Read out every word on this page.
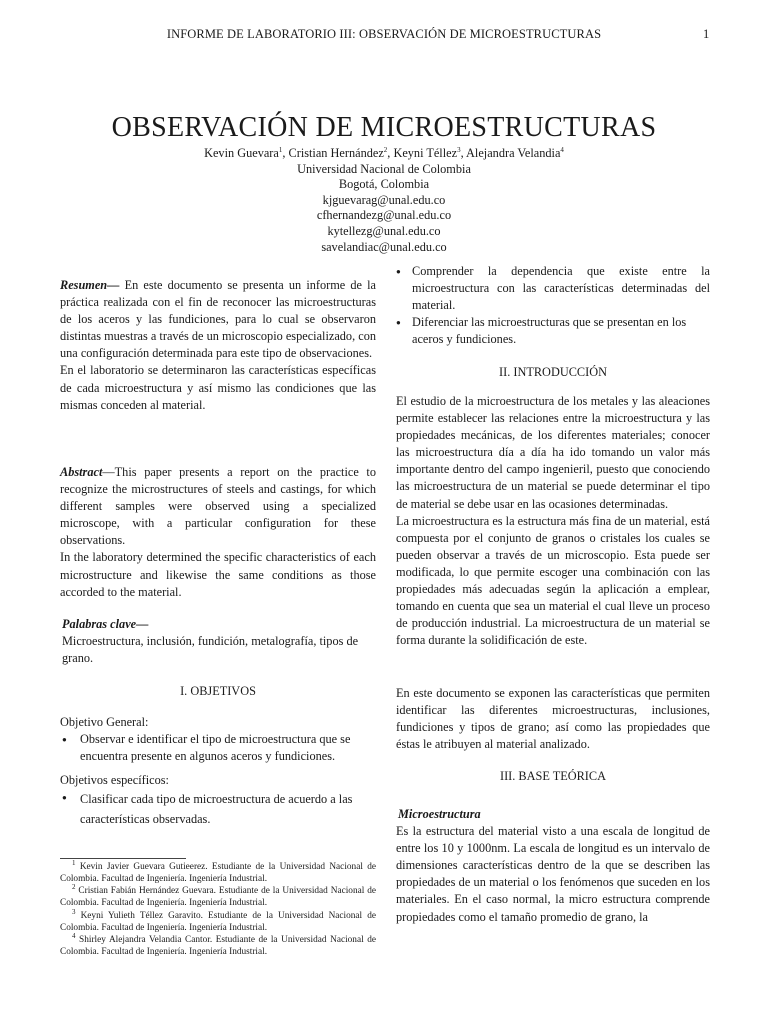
INFORME DE LABORATORIO III: OBSERVACIÓN DE MICROESTRUCTURAS	1
OBSERVACIÓN DE MICROESTRUCTURAS
Kevin Guevara$^1$, Cristian Hernández$^2$, Keyni Téllez$^3$, Alejandra Velandia$^4$
Universidad Nacional de Colombia
Bogotá, Colombia
kjguevarag@unal.edu.co
cfhernandezg@unal.edu.co
kytellezg@unal.edu.co
savelandiac@unal.edu.co

Resumen— En este documento se presenta un informe de la práctica realizada con el fin de reconocer las microestructuras de los aceros y las fundiciones, para lo cual se observaron distintas muestras a través de un microscopio especializado, con una configuración determinada para este tipo de observaciones.

En el laboratorio se determinaron las características específicas de cada microestructura y así mismo las condiciones que las mismas conceden al material.

Abstract—This paper presents a report on the practice to recognize the microstructures of steels and castings, for which different samples were observed using a specialized microscope, with a particular configuration for these observations.

In the laboratory determined the specific characteristics of each microstructure and likewise the same conditions as those accorded to the material.

Palabras clave—

Microestructura, inclusión, fundición, metalografía, tipos de grano.

I. OBJETIVOS

Objetivo General:

● Observar e identificar el tipo de microestructura que se encuentra presente en algunos aceros y fundiciones.

Objetivos específicos:

● Clasificar cada tipo de microestructura de acuerdo a las características observadas.

$^1$ Kevin Javier Guevara Gutieerez. Estudiante de la Universidad Nacional de Colombia. Facultad de Ingeniería. Ingeniería Industrial.

$^2$ Cristian Fabián Hernández Guevara. Estudiante de la Universidad Nacional de Colombia. Facultad de Ingeniería. Ingeniería Industrial.

$^3$ Keyni Yulieth Téllez Garavito. Estudiante de la Universidad Nacional de Colombia. Facultad de Ingeniería. Ingeniería Industrial.

$^4$ Shirley Alejandra Velandia Cantor. Estudiante de la Universidad Nacional de Colombia. Facultad de Ingeniería. Ingeniería Industrial.

● Comprender la dependencia que existe entre la microestructura con las características determinadas del material.
● Diferenciar las microestructuras que se presentan en los aceros y fundiciones.
II. INTRODUCCIÓN

El estudio de la microestructura de los metales y las aleaciones permite establecer las relaciones entre la microestructura y las propiedades mecánicas, de los diferentes materiales; conocer las microestructura día a día ha ido tomando un valor más importante dentro del campo ingenieril, puesto que conociendo las microestructura de un material se puede determinar el tipo de material se debe usar en las ocasiones determinadas.

La microestructura es la estructura más fina de un material, está compuesta por el conjunto de granos o cristales los cuales se pueden observar a través de un microscopio. Esta puede ser modificada, lo que permite escoger una combinación con las propiedades más adecuadas según la aplicación a emplear, tomando en cuenta que sea un material el cual lleve un proceso de producción industrial. La microestructura de un material se forma durante la solidificación de este.

En este documento se exponen las características que permiten identificar las diferentes microestructuras, inclusiones, fundiciones y tipos de grano; así como las propiedades que éstas le atribuyen al material analizado.
III. BASE TEÓRICA

Microestructura

Es la estructura del material visto a una escala de longitud de entre los 10 y 1000nm. La escala de longitud es un intervalo de dimensiones características dentro de la que se describen las propiedades de un material o los fenómenos que suceden en los materiales. En el caso normal, la micro estructura comprende propiedades como el tamaño promedio de grano, la
